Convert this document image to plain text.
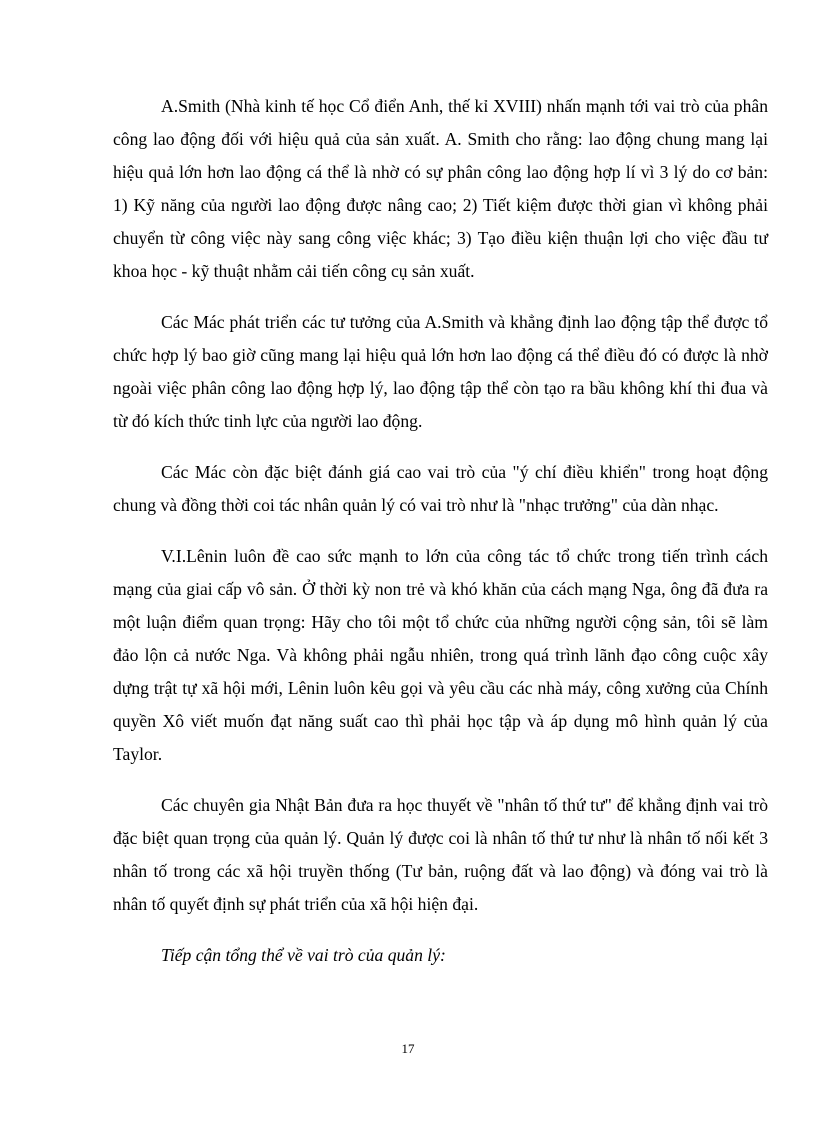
A.Smith (Nhà kinh tế học Cổ điển Anh, thế kỉ XVIII) nhấn mạnh tới vai trò của phân công lao động đối với hiệu quả của sản xuất. A. Smith cho rằng: lao động chung mang lại hiệu quả lớn hơn lao động cá thể là nhờ có sự phân công lao động hợp lí vì 3 lý do cơ bản: 1) Kỹ năng của người lao động được nâng cao; 2) Tiết kiệm được thời gian vì không phải chuyển từ công việc này sang công việc khác; 3) Tạo điều kiện thuận lợi cho việc đầu tư khoa học - kỹ thuật nhằm cải tiến công cụ sản xuất.

Các Mác phát triển các tư tưởng của A.Smith và khẳng định lao động tập thể được tổ chức hợp lý bao giờ cũng mang lại hiệu quả lớn hơn lao động cá thể điều đó có được là nhờ ngoài việc phân công lao động hợp lý, lao động tập thể còn tạo ra bầu không khí thi đua và từ đó kích thức tinh lực của người lao động.

Các Mác còn đặc biệt đánh giá cao vai trò của "ý chí điều khiển" trong hoạt động chung và đồng thời coi tác nhân quản lý có vai trò như là "nhạc trưởng" của dàn nhạc.

V.I.Lênin luôn đề cao sức mạnh to lớn của công tác tổ chức trong tiến trình cách mạng của giai cấp vô sản. Ở thời kỳ non trẻ và khó khăn của cách mạng Nga, ông đã đưa ra một luận điểm quan trọng: Hãy cho tôi một tổ chức của những người cộng sản, tôi sẽ làm đảo lộn cả nước Nga. Và không phải ngẫu nhiên, trong quá trình lãnh đạo công cuộc xây dựng trật tự xã hội mới, Lênin luôn kêu gọi và yêu cầu các nhà máy, công xưởng của Chính quyền Xô viết muốn đạt năng suất cao thì phải học tập và áp dụng mô hình quản lý của Taylor.

Các chuyên gia Nhật Bản đưa ra học thuyết về "nhân tố thứ tư" để khẳng định vai trò đặc biệt quan trọng của quản lý. Quản lý được coi là nhân tố thứ tư như là nhân tố nối kết 3 nhân tố trong các xã hội truyền thống (Tư bản, ruộng đất và lao động) và đóng vai trò là nhân tố quyết định sự phát triển của xã hội hiện đại.

Tiếp cận tổng thể về vai trò của quản lý:

17
